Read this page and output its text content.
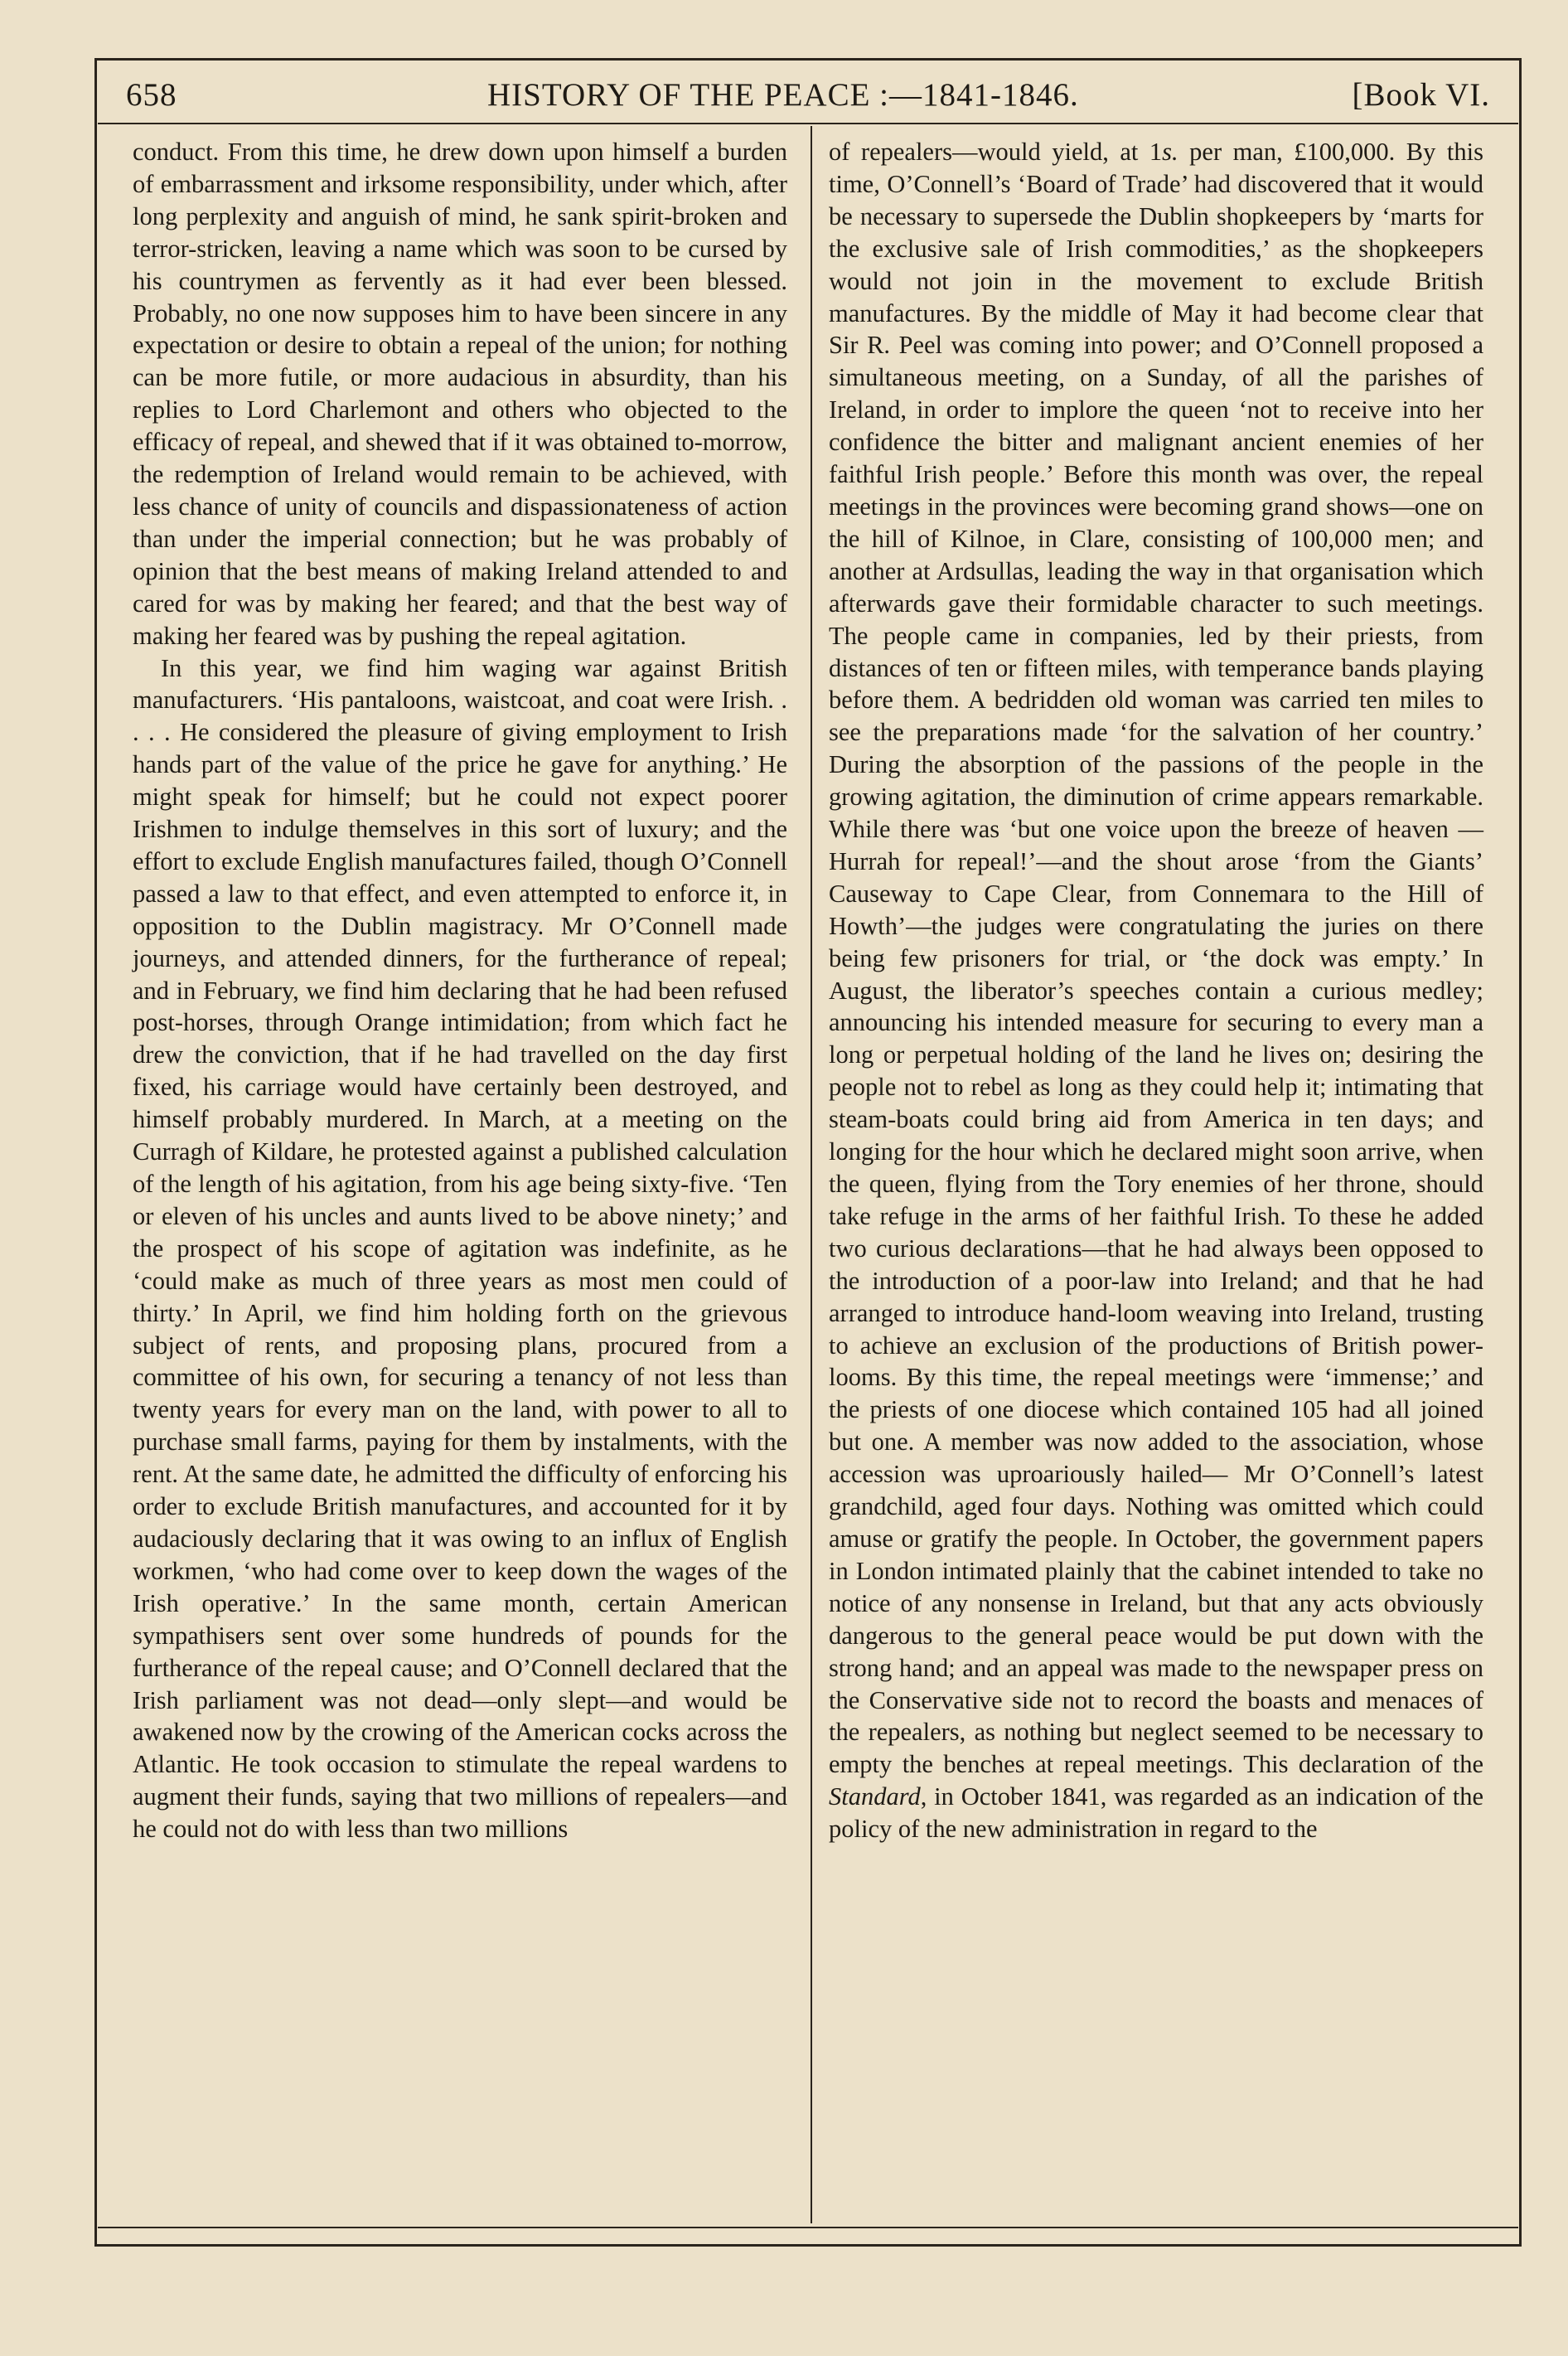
658	HISTORY OF THE PEACE :—1841-1846.	[Book VI.

conduct. From this time, he drew down upon himself a burden of embarrassment and irksome responsibility, under which, after long perplexity and anguish of mind, he sank spirit-broken and terror-stricken, leaving a name which was soon to be cursed by his countrymen as fervently as it had ever been blessed. Probably, no one now supposes him to have been sincere in any expectation or desire to obtain a repeal of the union; for nothing can be more futile, or more audacious in absurdity, than his replies to Lord Charlemont and others who objected to the efficacy of repeal, and shewed that if it was obtained to-morrow, the redemption of Ireland would remain to be achieved, with less chance of unity of councils and dispassionateness of action than under the imperial connection; but he was probably of opinion that the best means of making Ireland attended to and cared for was by making her feared; and that the best way of making her feared was by pushing the repeal agitation.

In this year, we find him waging war against British manufacturers. ‘His pantaloons, waistcoat, and coat were Irish. . . . . He considered the pleasure of giving employment to Irish hands part of the value of the price he gave for anything.’ He might speak for himself; but he could not expect poorer Irishmen to indulge themselves in this sort of luxury; and the effort to exclude English manufactures failed, though O’Connell passed a law to that effect, and even attempted to enforce it, in opposition to the Dublin magistracy. Mr O’Connell made journeys, and attended dinners, for the furtherance of repeal; and in February, we find him declaring that he had been refused post-horses, through Orange intimidation; from which fact he drew the conviction, that if he had travelled on the day first fixed, his carriage would have certainly been destroyed, and himself probably murdered. In March, at a meeting on the Curragh of Kildare, he protested against a published calculation of the length of his agitation, from his age being sixty-five. ‘Ten or eleven of his uncles and aunts lived to be above ninety;’ and the prospect of his scope of agitation was indefinite, as he ‘could make as much of three years as most men could of thirty.’ In April, we find him holding forth on the grievous subject of rents, and proposing plans, procured from a committee of his own, for securing a tenancy of not less than twenty years for every man on the land, with power to all to purchase small farms, paying for them by instalments, with the rent. At the same date, he admitted the difficulty of enforcing his order to exclude British manufactures, and accounted for it by audaciously declaring that it was owing to an influx of English workmen, ‘who had come over to keep down the wages of the Irish operative.’ In the same month, certain American sympathisers sent over some hundreds of pounds for the furtherance of the repeal cause; and O’Connell declared that the Irish parliament was not dead—only slept—and would be awakened now by the crowing of the American cocks across the Atlantic. He took occasion to stimulate the repeal wardens to augment their funds, saying that two millions of repealers—and he could not do with less than two millions

of repealers—would yield, at 1s. per man, £100,000. By this time, O’Connell’s ‘Board of Trade’ had discovered that it would be necessary to supersede the Dublin shopkeepers by ‘marts for the exclusive sale of Irish commodities,’ as the shopkeepers would not join in the movement to exclude British manufactures. By the middle of May it had become clear that Sir R. Peel was coming into power; and O’Connell proposed a simultaneous meeting, on a Sunday, of all the parishes of Ireland, in order to implore the queen ‘not to receive into her confidence the bitter and malignant ancient enemies of her faithful Irish people.’ Before this month was over, the repeal meetings in the provinces were becoming grand shows—one on the hill of Kilnoe, in Clare, consisting of 100,000 men; and another at Ardsullas, leading the way in that organisation which afterwards gave their formidable character to such meetings. The people came in companies, led by their priests, from distances of ten or fifteen miles, with temperance bands playing before them. A bedridden old woman was carried ten miles to see the preparations made ‘for the salvation of her country.’ During the absorption of the passions of the people in the growing agitation, the diminution of crime appears remarkable. While there was ‘but one voice upon the breeze of heaven —Hurrah for repeal!’—and the shout arose ‘from the Giants’ Causeway to Cape Clear, from Connemara to the Hill of Howth’—the judges were congratulating the juries on there being few prisoners for trial, or ‘the dock was empty.’ In August, the liberator’s speeches contain a curious medley; announcing his intended measure for securing to every man a long or perpetual holding of the land he lives on; desiring the people not to rebel as long as they could help it; intimating that steam-boats could bring aid from America in ten days; and longing for the hour which he declared might soon arrive, when the queen, flying from the Tory enemies of her throne, should take refuge in the arms of her faithful Irish. To these he added two curious declarations—that he had always been opposed to the introduction of a poor-law into Ireland; and that he had arranged to introduce hand-loom weaving into Ireland, trusting to achieve an exclusion of the productions of British power-looms. By this time, the repeal meetings were ‘immense;’ and the priests of one diocese which contained 105 had all joined but one. A member was now added to the association, whose accession was uproariously hailed— Mr O’Connell’s latest grandchild, aged four days. Nothing was omitted which could amuse or gratify the people. In October, the government papers in London intimated plainly that the cabinet intended to take no notice of any nonsense in Ireland, but that any acts obviously dangerous to the general peace would be put down with the strong hand; and an appeal was made to the newspaper press on the Conservative side not to record the boasts and menaces of the repealers, as nothing but neglect seemed to be necessary to empty the benches at repeal meetings. This declaration of the Standard, in October 1841, was regarded as an indication of the policy of the new administration in regard to the
